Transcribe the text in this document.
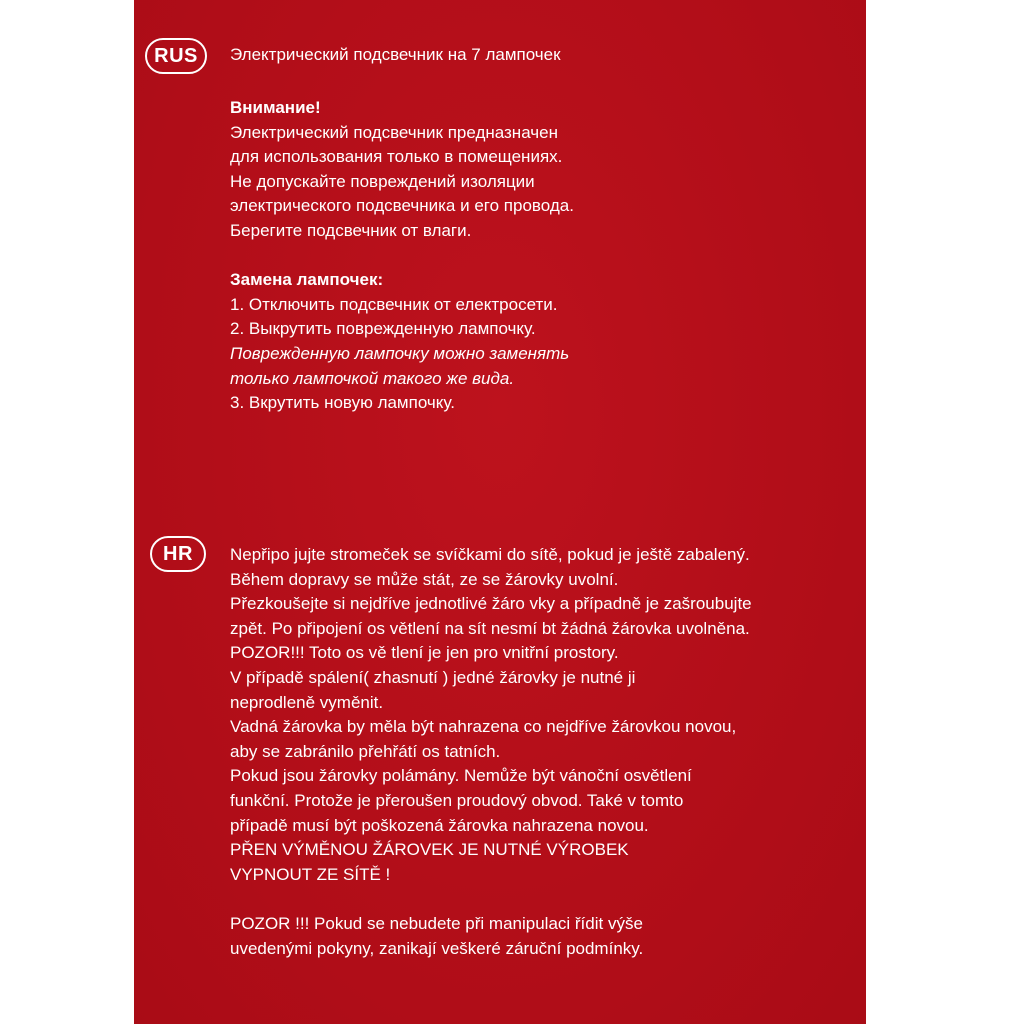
RUS	Электрический подсвечник на 7 лампочек

Внимание!

Электрический подсвечник предназначен

для использования только в помещениях.

Не допускайте повреждений изоляции

электрического подсвечника и его провода.

Берегите подсвечник от влаги.

Замена лампочек:

1. Отключить подсвечник от електросети.

2. Выкрутить поврежденную лампочку.

Поврежденную лампочку можно заменять

только лампочкой такого же вида.

3. Вкрутить новую лампочку.

HR	Nepřipo jujte stromeček se svíčkami do sítě, pokud je ještě zabalený.

Během dopravy se může stát, ze se žárovky uvolní.

Přezkoušejte si nejdříve jednotlivé žáro vky a případně je zašroubujte

zpět. Po připojení os větlení na sít nesmí bt žádná žárovka uvolněna.

POZOR!!! Toto os vě tlení je jen pro vnitřní prostory.

V případě spálení( zhasnutí ) jedné žárovky je nutné ji

neprodleně vyměnit.

Vadná žárovka by měla být nahrazena co nejdříve žárovkou novou,

aby se zabránilo přehřátí os tatních.

Pokud jsou žárovky polámány. Nemůže být vánoční osvětlení

funkční. Protože je přeroušen proudový obvod. Také v tomto

případě musí být poškozená žárovka nahrazena novou.

PŘEN VÝMĚNOU ŽÁROVEK JE NUTNÉ VÝROBEK

VYPNOUT ZE SÍTĚ !

POZOR !!! Pokud se nebudete při manipulaci řídit výše

uvedenými pokyny, zanikají veškeré záruční podmínky.
